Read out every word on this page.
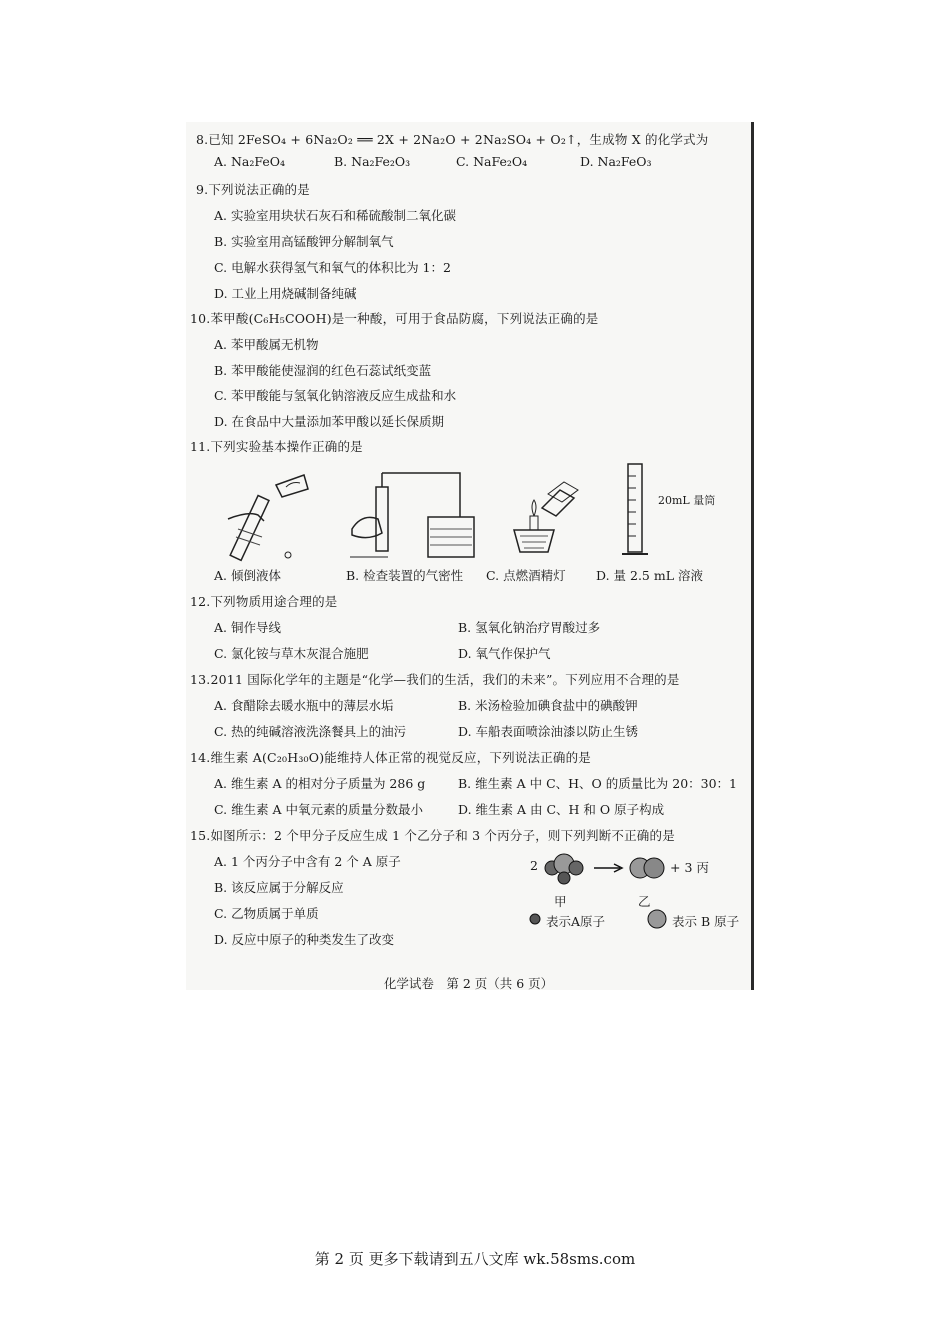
8.已知 2FeSO₄ + 6Na₂O₂ ══ 2X + 2Na₂O + 2Na₂SO₄ + O₂↑，生成物 X 的化学式为
A. Na₂FeO₄	B. Na₂Fe₂O₃	C. NaFe₂O₄	D. Na₂FeO₃
9.下列说法正确的是
A. 实验室用块状石灰石和稀硫酸制二氧化碳
B. 实验室用高锰酸钾分解制氧气
C. 电解水获得氢气和氧气的体积比为 1：2
D. 工业上用烧碱制备纯碱
10.苯甲酸(C₆H₅COOH)是一种酸，可用于食品防腐，下列说法正确的是
A. 苯甲酸属无机物
B. 苯甲酸能使湿润的红色石蕊试纸变蓝
C. 苯甲酸能与氢氧化钠溶液反应生成盐和水
D. 在食品中大量添加苯甲酸以延长保质期
11.下列实验基本操作正确的是
20mL 量筒
A. 倾倒液体	B. 检查装置的气密性 C. 点燃酒精灯 D. 量 2.5 mL 溶液
12.下列物质用途合理的是
A. 铜作导线	B. 氢氧化钠治疗胃酸过多
C. 氯化铵与草木灰混合施肥	D. 氧气作保护气
13.2011 国际化学年的主题是“化学—我们的生活，我们的未来”。下列应用不合理的是
A. 食醋除去暖水瓶中的薄层水垢	B. 米汤检验加碘食盐中的碘酸钾
C. 热的纯碱溶液洗涤餐具上的油污	D. 车船表面喷涂油漆以防止生锈
14.维生素 A(C₂₀H₃₀O)能维持人体正常的视觉反应，下列说法正确的是
A. 维生素 A 的相对分子质量为 286 g	B. 维生素 A 中 C、H、O 的质量比为 20：30：1
C. 维生素 A 中氧元素的质量分数最小	D. 维生素 A 由 C、H 和 O 原子构成
15.如图所示：2 个甲分子反应生成 1 个乙分子和 3 个丙分子，则下列判断不正确的是
A. 1 个丙分子中含有 2 个 A 原子
B. 该反应属于分解反应
C. 乙物质属于单质
D. 反应中原子的种类发生了改变
2	+ 3 丙
甲	乙
表示A原子	表示 B 原子
化学试卷　第 2 页（共 6 页）
第 2 页 更多下载请到五八文库 wk.58sms.com
